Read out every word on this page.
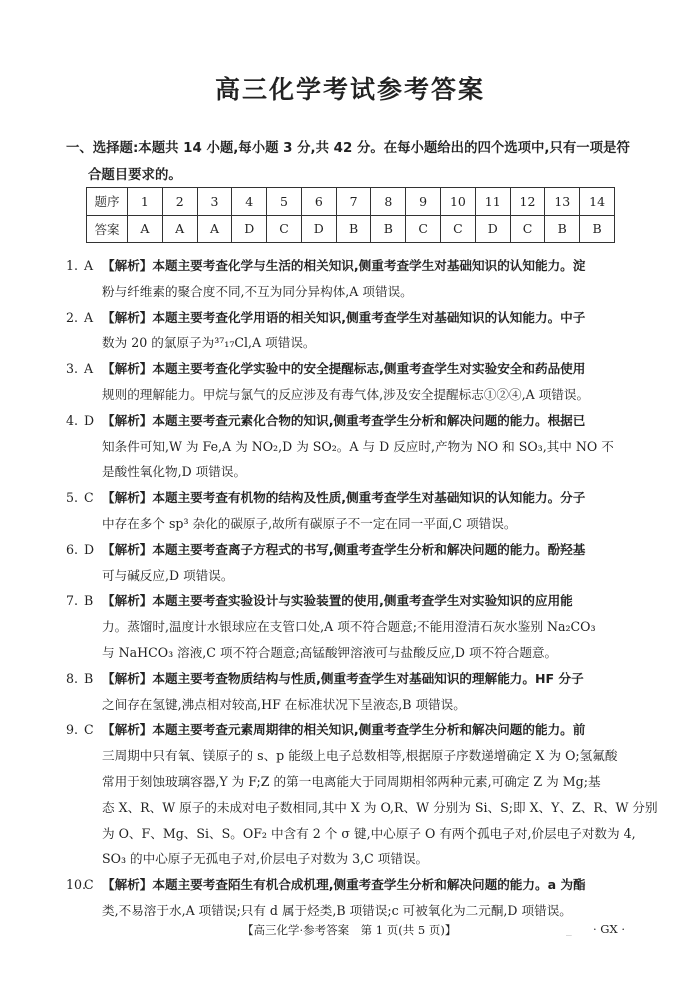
高三化学考试参考答案
一、选择题:本题共 14 小题,每小题 3 分,共 42 分。在每小题给出的四个选项中,只有一项是符
合题目要求的。
题序	1	2	3	4	5	6	7	8	9	10	11	12	13	14
答案	A	A	A	D	C	D	B	B	C	C	D	C	B	B
1. A 【解析】本题主要考查化学与生活的相关知识,侧重考查学生对基础知识的认知能力。淀
粉与纤维素的聚合度不同,不互为同分异构体,A 项错误。
2. A 【解析】本题主要考查化学用语的相关知识,侧重考查学生对基础知识的认知能力。中子
数为 20 的氯原子为³⁷₁₇Cl,A 项错误。
3. A 【解析】本题主要考查化学实验中的安全提醒标志,侧重考查学生对实验安全和药品使用
规则的理解能力。甲烷与氯气的反应涉及有毒气体,涉及安全提醒标志①②④,A 项错误。
4. D 【解析】本题主要考查元素化合物的知识,侧重考查学生分析和解决问题的能力。根据已
知条件可知,W 为 Fe,A 为 NO₂,D 为 SO₂。A 与 D 反应时,产物为 NO 和 SO₃,其中 NO 不
是酸性氧化物,D 项错误。
5. C 【解析】本题主要考查有机物的结构及性质,侧重考查学生对基础知识的认知能力。分子
中存在多个 sp³ 杂化的碳原子,故所有碳原子不一定在同一平面,C 项错误。
6. D 【解析】本题主要考查离子方程式的书写,侧重考查学生分析和解决问题的能力。酚羟基
可与碱反应,D 项错误。
7. B 【解析】本题主要考查实验设计与实验装置的使用,侧重考查学生对实验知识的应用能
力。蒸馏时,温度计水银球应在支管口处,A 项不符合题意;不能用澄清石灰水鉴别 Na₂CO₃
与 NaHCO₃ 溶液,C 项不符合题意;高锰酸钾溶液可与盐酸反应,D 项不符合题意。
8. B 【解析】本题主要考查物质结构与性质,侧重考查学生对基础知识的理解能力。HF 分子
之间存在氢键,沸点相对较高,HF 在标准状况下呈液态,B 项错误。
9. C 【解析】本题主要考查元素周期律的相关知识,侧重考查学生分析和解决问题的能力。前
三周期中只有氧、镁原子的 s、p 能级上电子总数相等,根据原子序数递增确定 X 为 O;氢氟酸
常用于刻蚀玻璃容器,Y 为 F;Z 的第一电离能大于同周期相邻两种元素,可确定 Z 为 Mg;基
态 X、R、W 原子的未成对电子数相同,其中 X 为 O,R、W 分别为 Si、S;即 X、Y、Z、R、W 分别
为 O、F、Mg、Si、S。OF₂ 中含有 2 个 σ 键,中心原子 O 有两个孤电子对,价层电子对数为 4,
SO₃ 的中心原子无孤电子对,价层电子对数为 3,C 项错误。
10.
C 【解析】本题主要考查陌生有机合成机理,侧重考查学生分析和解决问题的能力。a 为酯
类,不易溶于水,A 项错误;只有 d 属于烃类,B 项错误;c 可被氧化为二元酮,D 项错误。
【高三化学·参考答案　第 1 页(共 5 页)】	_ · GX ·
